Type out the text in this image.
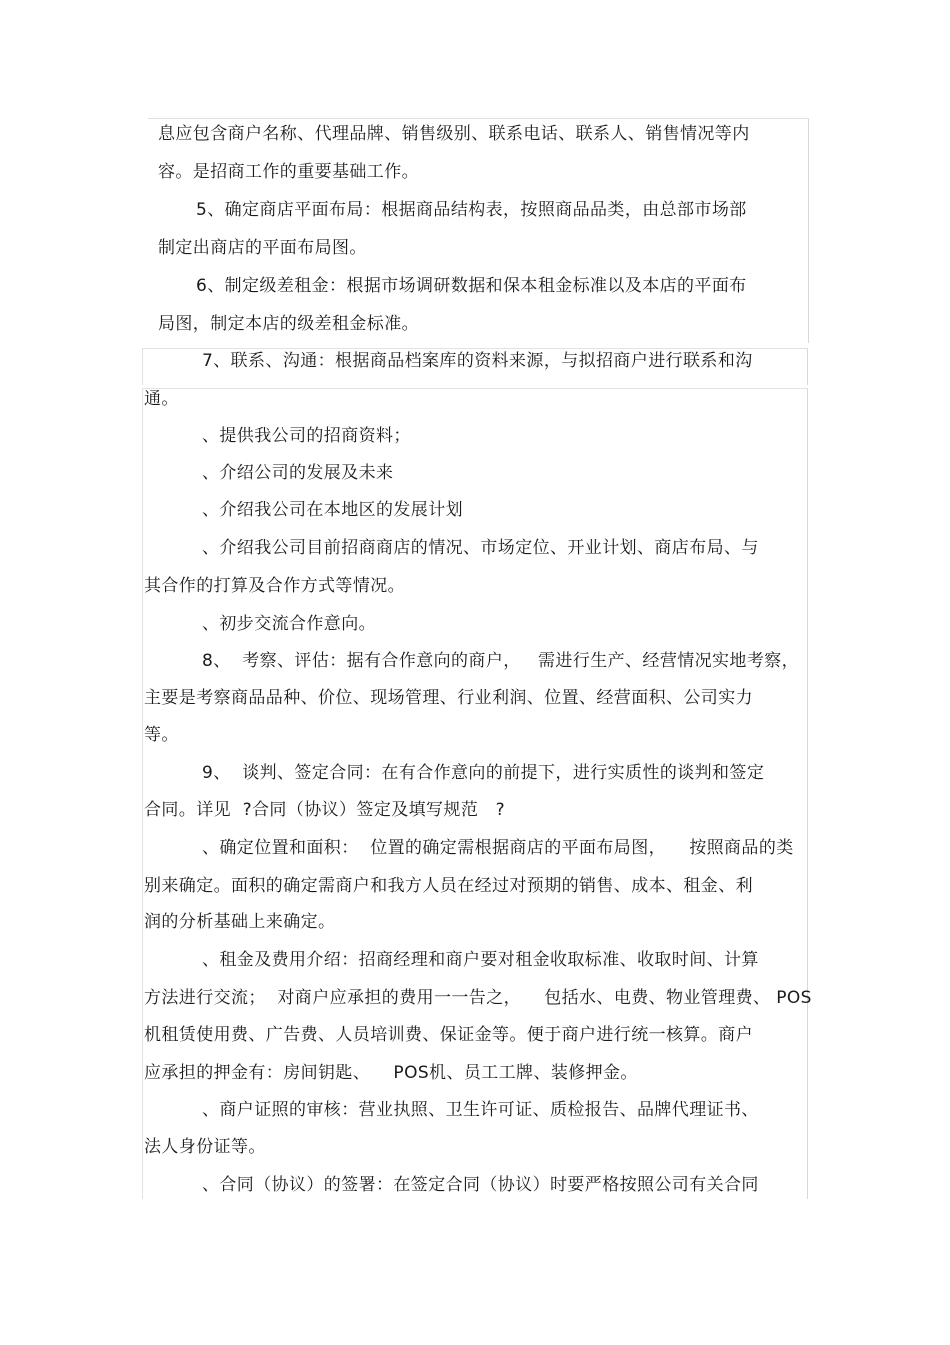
息应包含商户名称、代理品牌、销售级别、联系电话、联系人、销售情况等内
容。是招商工作的重要基础工作。
5、确定商店平面布局：根据商品结构表，按照商品品类，由总部市场部
制定出商店的平面布局图。
6、制定级差租金：根据市场调研数据和保本租金标准以及本店的平面布
局图，制定本店的级差租金标准。
7、联系、沟通：根据商品档案库的资料来源，与拟招商户进行联系和沟
通。
、提供我公司的招商资料；
、介绍公司的发展及未来
、介绍我公司在本地区的发展计划
、介绍我公司目前招商商店的情况、市场定位、开业计划、商店布局、与
其合作的打算及合作方式等情况。
、初步交流合作意向。
8、  考察、评估：据有合作意向的商户，   需进行生产、经营情况实地考察，
主要是考察商品品种、价位、现场管理、行业利润、位置、经营面积、公司实力
等。
9、  谈判、签定合同：在有合作意向的前提下，进行实质性的谈判和签定
合同。详见  ?合同（协议）签定及填写规范   ?
、确定位置和面积：  位置的确定需根据商店的平面布局图，    按照商品的类
别来确定。面积的确定需商户和我方人员在经过对预期的销售、成本、租金、利
润的分析基础上来确定。
、租金及费用介绍：招商经理和商户要对租金收取标准、收取时间、计算
方法进行交流；  对商户应承担的费用一一告之，    包括水、电费、物业管理费、 POS
机租赁使用费、广告费、人员培训费、保证金等。便于商户进行统一核算。商户
应承担的押金有：房间钥匙、    POS机、员工工牌、装修押金。
、商户证照的审核：营业执照、卫生许可证、质检报告、品牌代理证书、
法人身份证等。
、合同（协议）的签署：在签定合同（协议）时要严格按照公司有关合同
